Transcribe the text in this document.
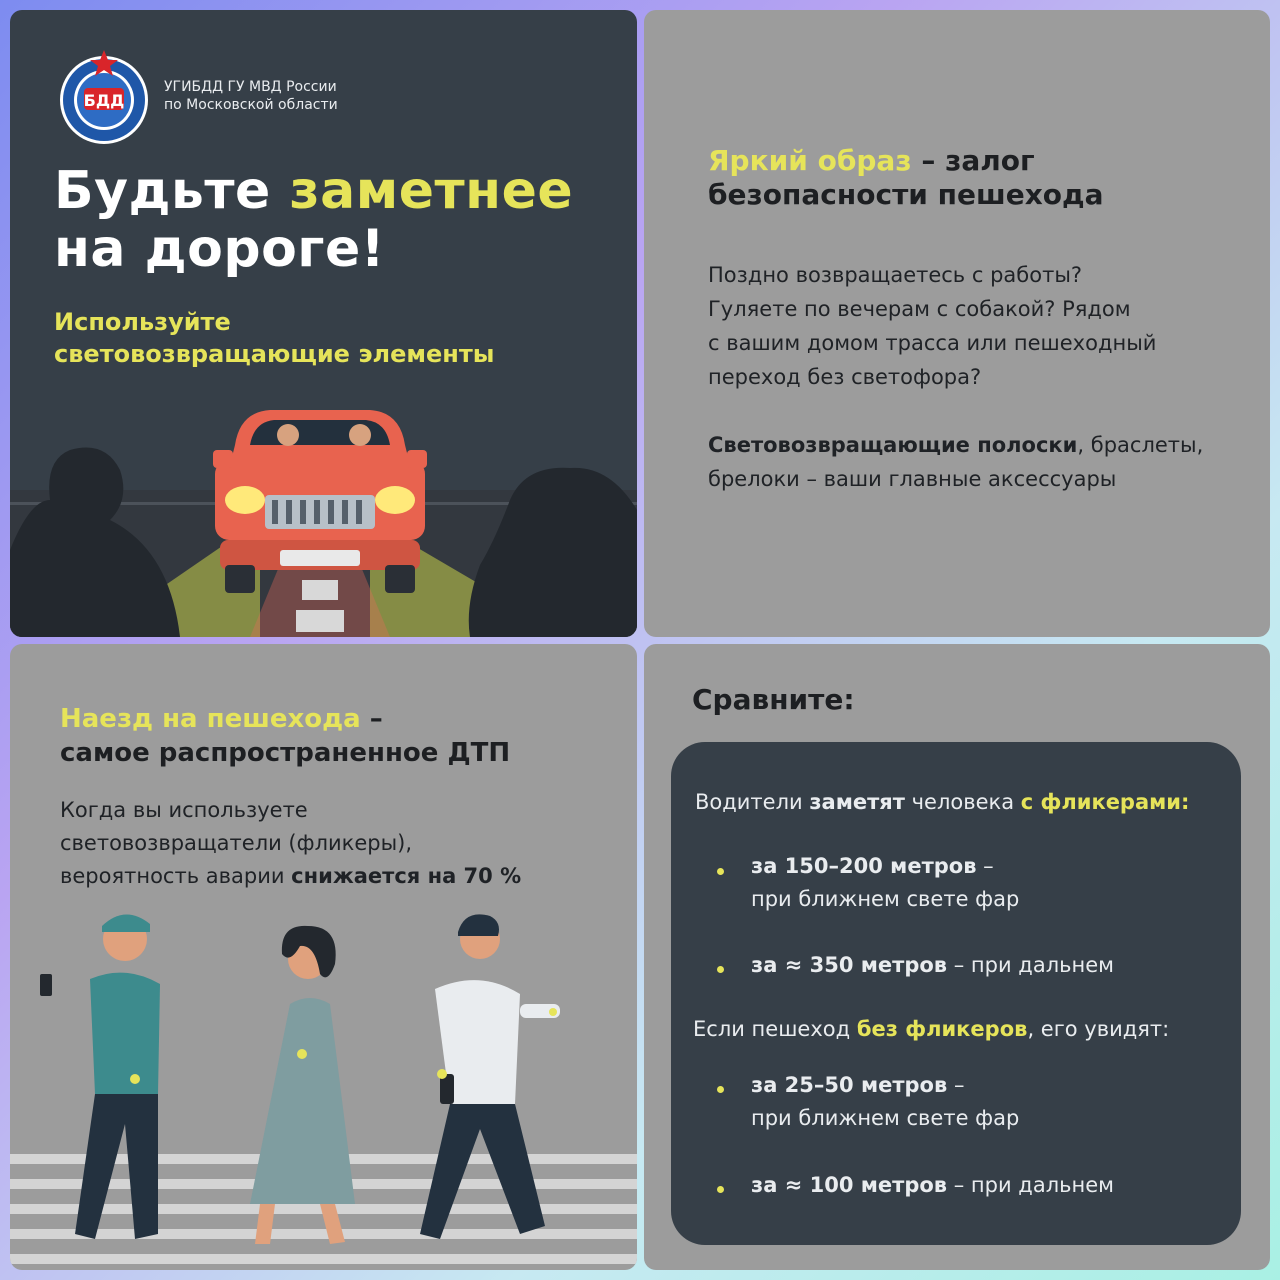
БДД
УГИБДД ГУ МВД России
по Московской области
Будьте заметнее
на дороге!
Используйте
световозвращающие элементы
Яркий образ – залог
безопасности пешехода
Поздно возвращаетесь с работы?
Гуляете по вечерам с собакой? Рядом
с вашим домом трасса или пешеходный
переход без светофора?
Световозвращающие полоски, браслеты,
брелоки – ваши главные аксессуары
Наезд на пешехода –
самое распространенное ДТП
Когда вы используете
световозвращатели (фликеры),
вероятность аварии снижается на 70 %
Сравните:
Водители заметят человека с фликерами:
за 150–200 метров –
при ближнем свете фар
за ≈ 350 метров – при дальнем
Если пешеход без фликеров, его увидят:
за 25–50 метров –
при ближнем свете фар
за ≈ 100 метров – при дальнем
